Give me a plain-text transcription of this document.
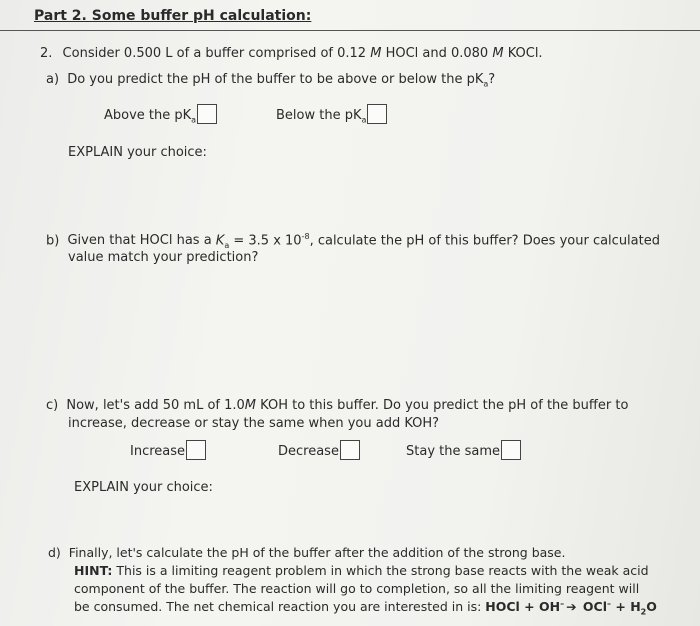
Part 2. Some buffer pH calculation:
2. Consider 0.500 L of a buffer comprised of 0.12 M HOCl and 0.080 M KOCl.
a) Do you predict the pH of the buffer to be above or below the $pK_a$?
Above the $pK_a$	Below the $pK_a$
EXPLAIN your choice:
b) Given that HOCl has a $K_a = 3.5$ x $10^{-8}$, calculate the pH of this buffer? Does your calculated
value match your prediction?
c) Now, let's add 50 mL of 1.0M KOH to this buffer. Do you predict the pH of the buffer to
increase, decrease or stay the same when you add KOH?
Increase	Decrease	Stay the same
EXPLAIN your choice:
d) Finally, let's calculate the pH of the buffer after the addition of the strong base.
HINT: This is a limiting reagent problem in which the strong base reacts with the weak acid
component of the buffer. The reaction will go to completion, so all the limiting reagent will
be consumed. The net chemical reaction you are interested in is: HOCl + OH– ➔ $OCl^- + H_2O$
